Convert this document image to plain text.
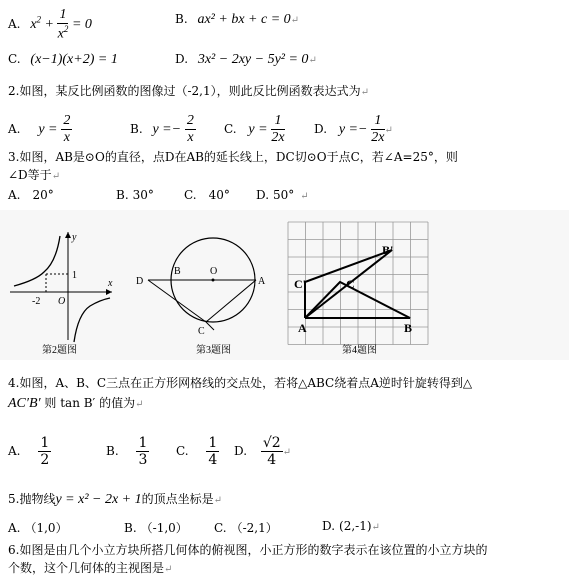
A. $x^2 + \frac{1}{x^2} = 0$	B. ax² + bx + c = 0↵
C. (x−1)(x+2) = 1	D. 3x² − 2xy − 5y² = 0↵
2.如图，某反比例函数的图像过（-2,1），则此反比例函数表达式为↵
A. $y = \frac{2}{x}$	B. $y =- \frac{2}{x} C$. $y = \frac{1}{2x} D$. $y =- \frac{1}{2x}$ ↵
3.如图，AB是⊙O的直径，点D在AB的延长线上，DC切⊙O于点C，若∠A=25°，则
∠D等于↵
A. 20°	B. 30°	C. 40° D. 50° ↵
y
x
1
-2 O
第2题图
D
B	O
A
C
第3题图
B'
C'	C
A	B
第4题图
4.如图，A、B、C三点在正方形网格线的交点处，若将△ABC绕着点A逆时针旋转得到△
AC′B′ 则 tan B′ 的值为↵
A. $\frac{1}{2}$	B. $\frac{1}{3} C$. $\frac{1}{4} D$. $\frac{√2}{4}$ ↵
5.抛物线y = x² − 2x + 1的顶点坐标是↵
A. （1,0）	B. （-1,0） C. （-2,1）	D. (2,-1)↵
6.如图是由几个小立方块所搭几何体的俯视图，小正方形的数字表示在该位置的小立方块的
个数，这个几何体的主视图是↵
